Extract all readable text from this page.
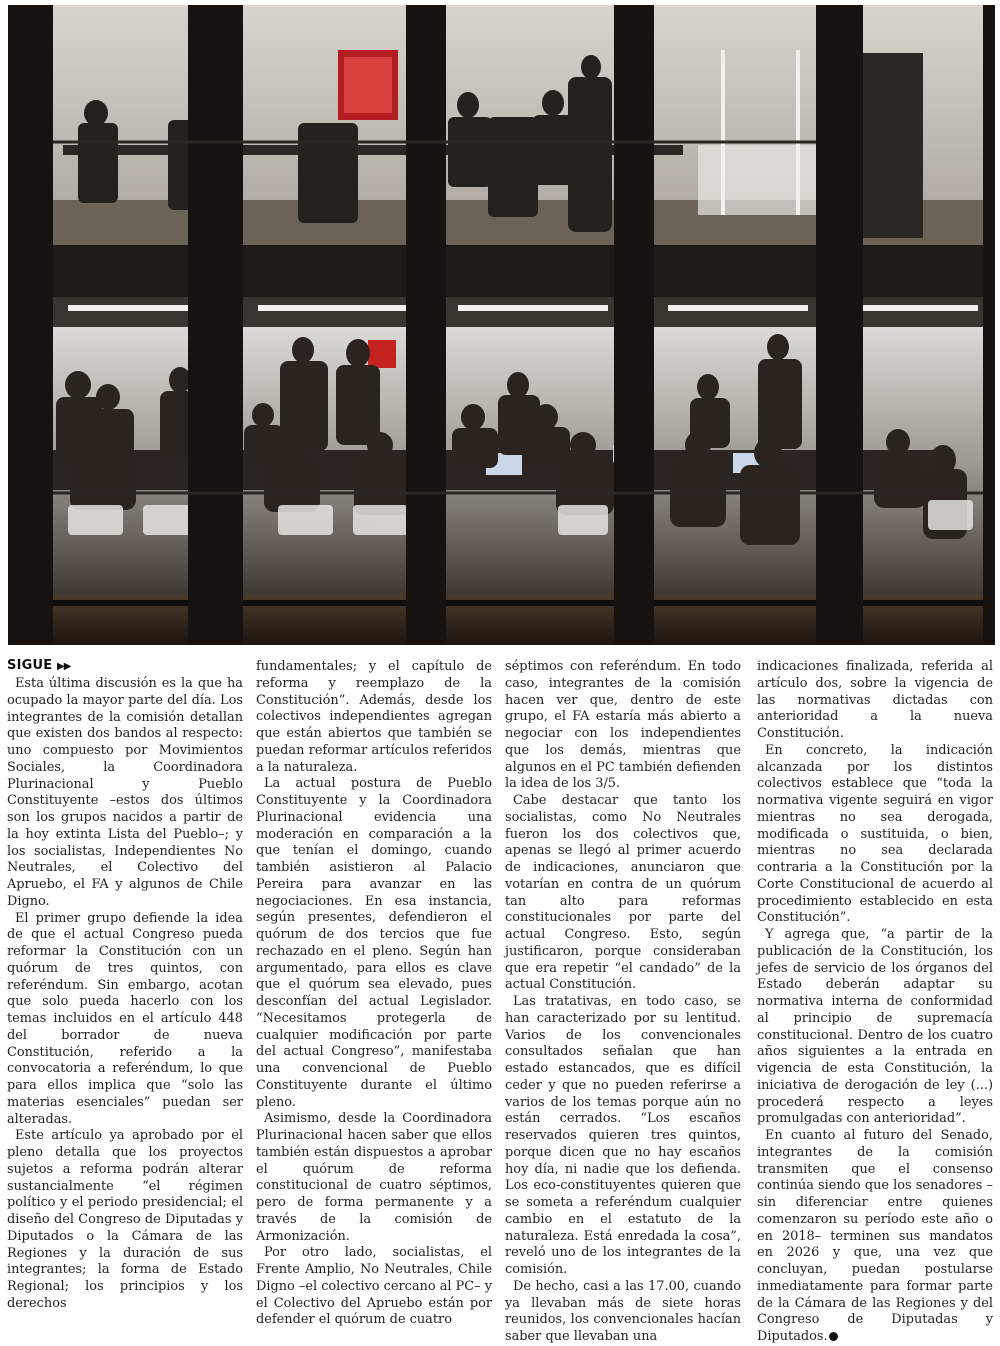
SIGUE ▶▶

Esta última discusión es la que ha ocupado la mayor parte del día. Los integrantes de la comisión detallan que existen dos bandos al respecto: uno compuesto por Movimientos Sociales, la Coordinadora Plurinacional y Pueblo Constituyente –estos dos últimos son los grupos nacidos a partir de la hoy extinta Lista del Pueblo–; y los socialistas, Independientes No Neutrales, el Colectivo del Apruebo, el FA y algunos de Chile Digno.

El primer grupo defiende la idea de que el actual Congreso pueda reformar la Constitución con un quórum de tres quintos, con referéndum. Sin embargo, acotan que solo pueda hacerlo con los temas incluidos en el artículo 448 del borrador de nueva Constitución, referido a la convocatoria a referéndum, lo que para ellos implica que “solo las materias esenciales” puedan ser alteradas.

Este artículo ya aprobado por el pleno detalla que los proyectos sujetos a reforma podrán alterar sustancialmente “el régimen político y el periodo presidencial; el diseño del Congreso de Diputadas y Diputados o la Cámara de las Regiones y la duración de sus integrantes; la forma de Estado Regional; los principios y los derechos

fundamentales; y el capítulo de reforma y reemplazo de la Constitución”. Además, desde los colectivos independientes agregan que están abiertos que también se puedan reformar artículos referidos a la naturaleza.

La actual postura de Pueblo Constituyente y la Coordinadora Plurinacional evidencia una moderación en comparación a la que tenían el domingo, cuando también asistieron al Palacio Pereira para avanzar en las negociaciones. En esa instancia, según presentes, defendieron el quórum de dos tercios que fue rechazado en el pleno. Según han argumentado, para ellos es clave que el quórum sea elevado, pues desconfían del actual Legislador. “Necesitamos protegerla de cualquier modificación por parte del actual Congreso”, manifestaba una convencional de Pueblo Constituyente durante el último pleno.

Asimismo, desde la Coordinadora Plurinacional hacen saber que ellos también están dispuestos a aprobar el quórum de reforma constitucional de cuatro séptimos, pero de forma permanente y a través de la comisión de Armonización.

Por otro lado, socialistas, el Frente Amplio, No Neutrales, Chile Digno –el colectivo cercano al PC– y el Colectivo del Apruebo están por defender el quórum de cuatro

séptimos con referéndum. En todo caso, integrantes de la comisión hacen ver que, dentro de este grupo, el FA estaría más abierto a negociar con los independientes que los demás, mientras que algunos en el PC también defienden la idea de los 3/5.

Cabe destacar que tanto los socialistas, como No Neutrales fueron los dos colectivos que, apenas se llegó al primer acuerdo de indicaciones, anunciaron que votarían en contra de un quórum tan alto para reformas constitucionales por parte del actual Congreso. Esto, según justificaron, porque consideraban que era repetir “el candado” de la actual Constitución.

Las tratativas, en todo caso, se han caracterizado por su lentitud. Varios de los convencionales consultados señalan que han estado estancados, que es difícil ceder y que no pueden referirse a varios de los temas porque aún no están cerrados. “Los escaños reservados quieren tres quintos, porque dicen que no hay escaños hoy día, ni nadie que los defienda. Los eco-constituyentes quieren que se someta a referéndum cualquier cambio en el estatuto de la naturaleza. Está enredada la cosa”, reveló uno de los integrantes de la comisión.

De hecho, casi a las 17.00, cuando ya llevaban más de siete horas reunidos, los convencionales hacían saber que llevaban una

indicaciones finalizada, referida al artículo dos, sobre la vigencia de las normativas dictadas con anterioridad a la nueva Constitución.

En concreto, la indicación alcanzada por los distintos colectivos establece que “toda la normativa vigente seguirá en vigor mientras no sea derogada, modificada o sustituida, o bien, mientras no sea declarada contraria a la Constitución por la Corte Constitucional de acuerdo al procedimiento establecido en esta Constitución”.

Y agrega que, “a partir de la publicación de la Constitución, los jefes de servicio de los órganos del Estado deberán adaptar su normativa interna de conformidad al principio de supremacía constitucional. Dentro de los cuatro años siguientes a la entrada en vigencia de esta Constitución, la iniciativa de derogación de ley (...) procederá respecto a leyes promulgadas con anterioridad”.

En cuanto al futuro del Senado, integrantes de la comisión transmiten que el consenso continúa siendo que los senadores –sin diferenciar entre quienes comenzaron su período este año o en 2018– terminen sus mandatos en 2026 y que, una vez que concluyan, puedan postularse inmediatamente para formar parte de la Cámara de las Regiones y del Congreso de Diputadas y Diputados.
